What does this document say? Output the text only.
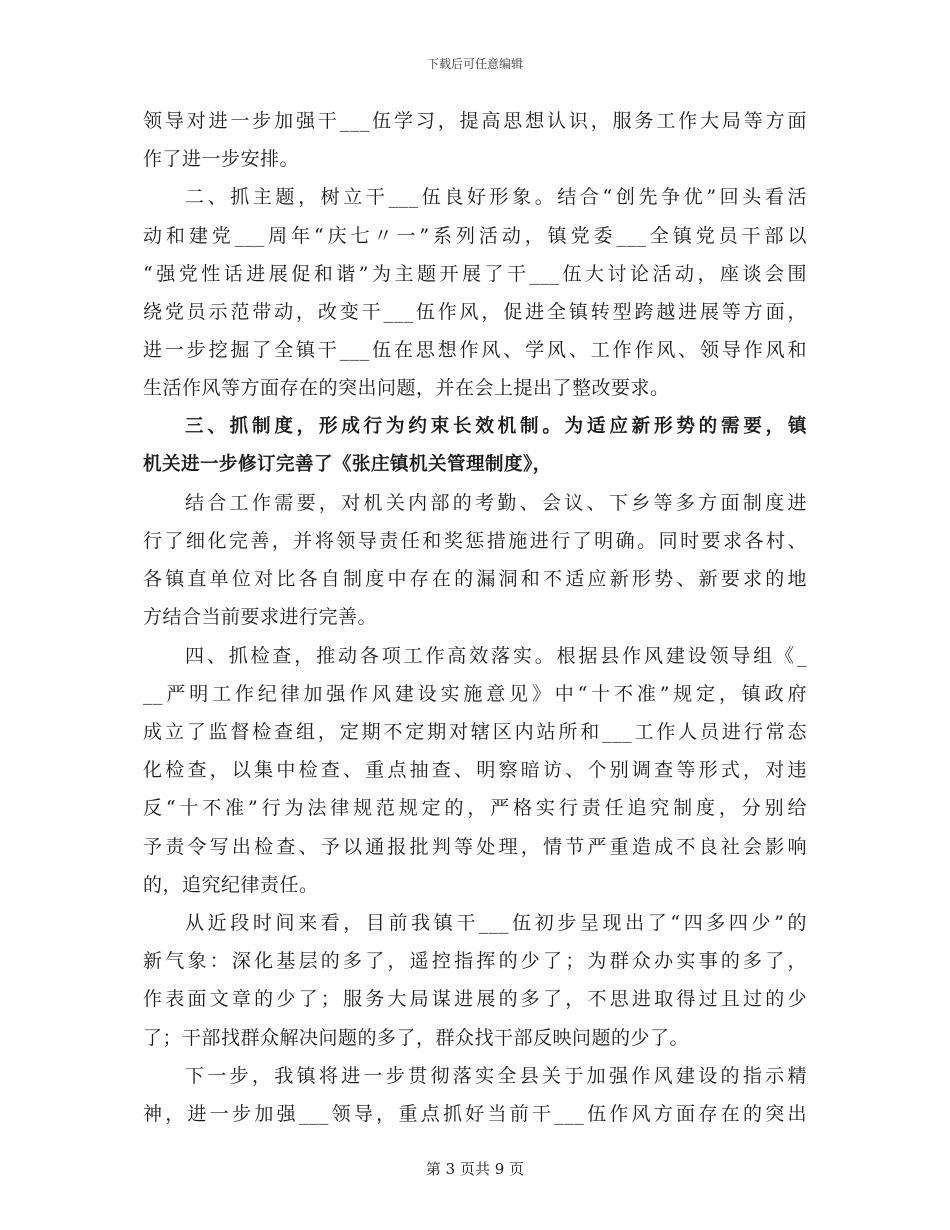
下载后可任意编辑
领导对进一步加强干___伍学习，提高思想认识，服务工作大局等方面
作了进一步安排。
二、抓主题，树立干___伍良好形象。结合“创先争优”回头看活
动和建党___周年“庆七〃一”系列活动，镇党委___全镇党员干部以
“强党性话进展促和谐”为主题开展了干___伍大讨论活动，座谈会围
绕党员示范带动，改变干___伍作风，促进全镇转型跨越进展等方面，
进一步挖掘了全镇干___伍在思想作风、学风、工作作风、领导作风和
生活作风等方面存在的突出问题，并在会上提出了整改要求。
三、抓制度，形成行为约束长效机制。为适应新形势的需要，镇
机关进一步修订完善了《张庄镇机关管理制度》，
结合工作需要，对机关内部的考勤、会议、下乡等多方面制度进
行了细化完善，并将领导责任和奖惩措施进行了明确。同时要求各村、
各镇直单位对比各自制度中存在的漏洞和不适应新形势、新要求的地
方结合当前要求进行完善。
四、抓检查，推动各项工作高效落实。根据县作风建设领导组《_
__严明工作纪律加强作风建设实施意见》中“十不准”规定，镇政府
成立了监督检查组，定期不定期对辖区内站所和___工作人员进行常态
化检查，以集中检查、重点抽查、明察暗访、个别调查等形式，对违
反“十不准”行为法律规范规定的，严格实行责任追究制度，分别给
予责令写出检查、予以通报批判等处理，情节严重造成不良社会影响
的，追究纪律责任。
从近段时间来看，目前我镇干___伍初步呈现出了“四多四少”的
新气象：深化基层的多了，遥控指挥的少了；为群众办实事的多了，
作表面文章的少了；服务大局谋进展的多了，不思进取得过且过的少
了；干部找群众解决问题的多了，群众找干部反映问题的少了。
下一步，我镇将进一步贯彻落实全县关于加强作风建设的指示精
神，进一步加强___领导，重点抓好当前干___伍作风方面存在的突出
第 3 页共 9 页
